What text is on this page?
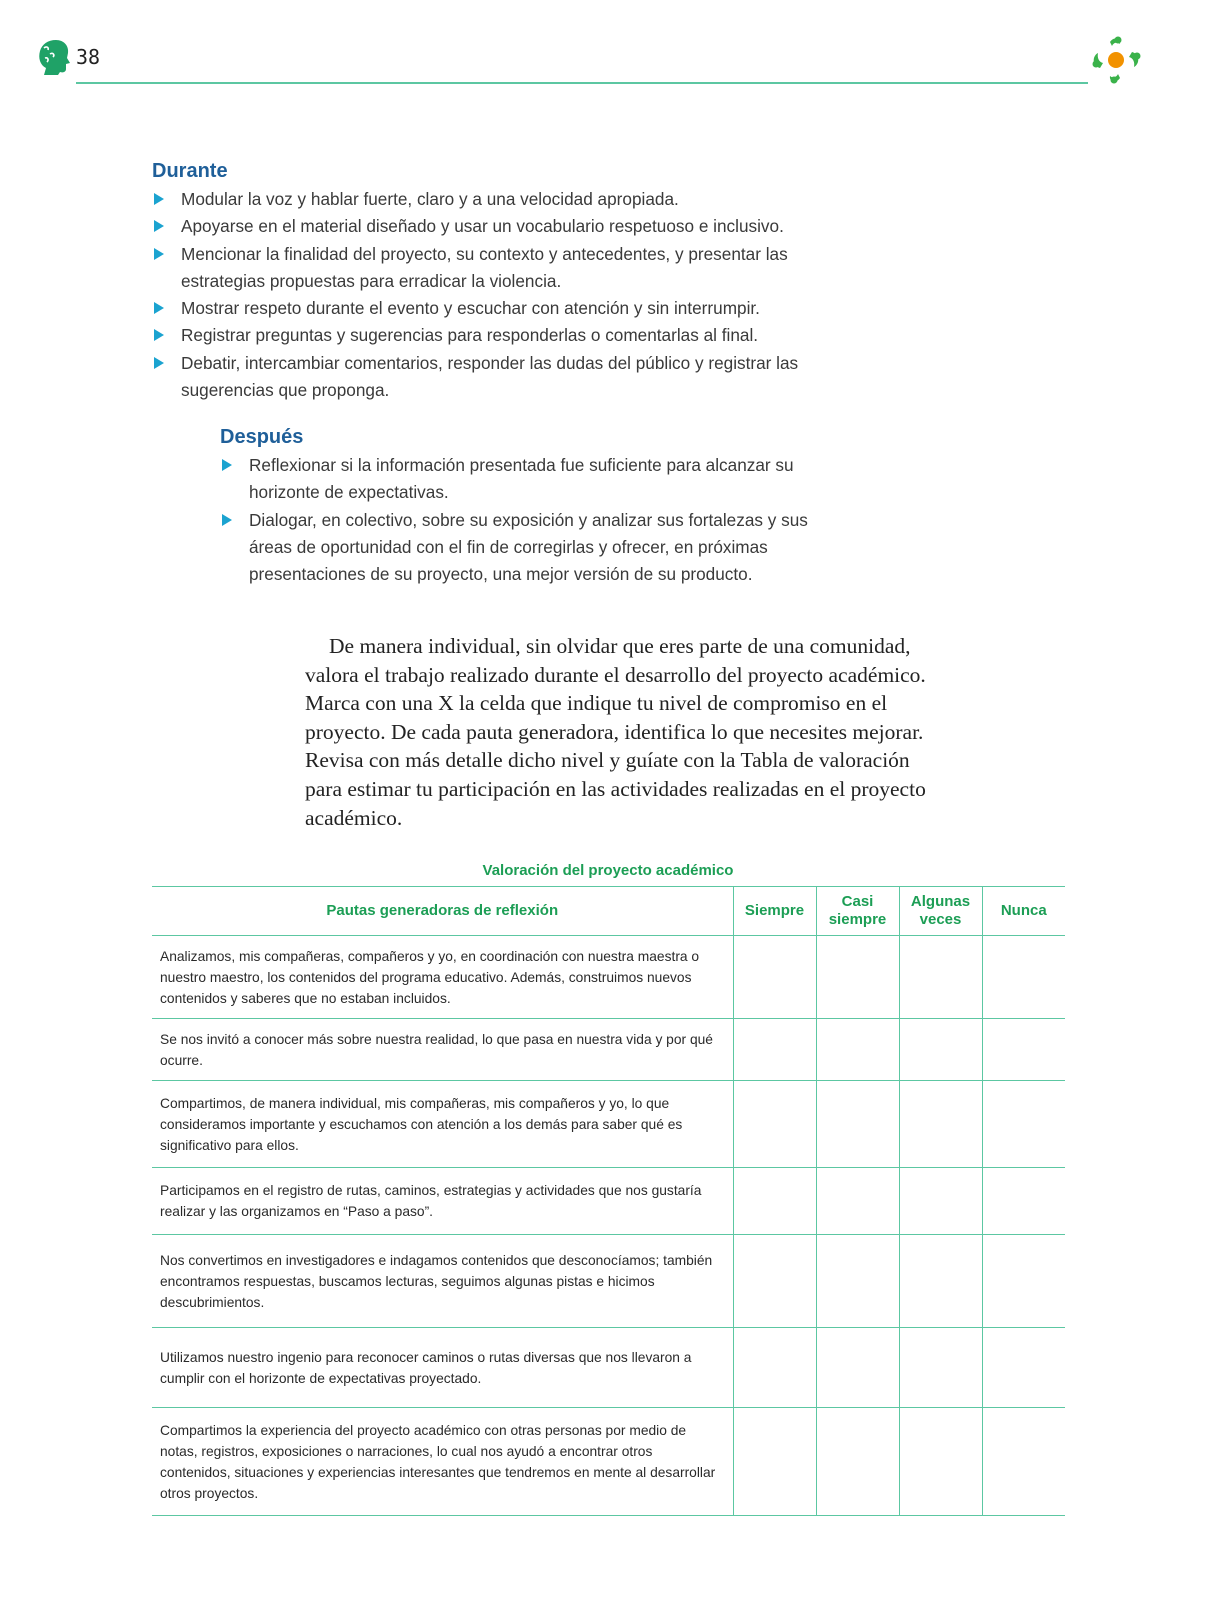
38
Durante
Modular la voz y hablar fuerte, claro y a una velocidad apropiada.
Apoyarse en el material diseñado y usar un vocabulario respetuoso e inclusivo.
Mencionar la finalidad del proyecto, su contexto y antecedentes, y presentar las estrategias propuestas para erradicar la violencia.
Mostrar respeto durante el evento y escuchar con atención y sin interrumpir.
Registrar preguntas y sugerencias para responderlas o comentarlas al final.
Debatir, intercambiar comentarios, responder las dudas del público y registrar las sugerencias que proponga.
Después
Reflexionar si la información presentada fue suficiente para alcanzar su horizonte de expectativas.
Dialogar, en colectivo, sobre su exposición y analizar sus fortalezas y sus áreas de oportunidad con el fin de corregirlas y ofrecer, en próximas presentaciones de su proyecto, una mejor versión de su producto.

De manera individual, sin olvidar que eres parte de una comunidad, valora el trabajo realizado durante el desarrollo del proyecto académico. Marca con una X la celda que indique tu nivel de compromiso en el proyecto. De cada pauta generadora, identifica lo que necesites mejorar. Revisa con más detalle dicho nivel y guíate con la Tabla de valoración para estimar tu participación en las actividades realizadas en el proyecto académico.

Valoración del proyecto académico
Pautas generadoras de reflexión	Siempre	Casi siempre	Algunas veces	Nunca
Analizamos, mis compañeras, compañeros y yo, en coordinación con nuestra maestra o nuestro maestro, los contenidos del programa educativo. Además, construimos nuevos contenidos y saberes que no estaban incluidos.				
Se nos invitó a conocer más sobre nuestra realidad, lo que pasa en nuestra vida y por qué ocurre.				
Compartimos, de manera individual, mis compañeras, mis compañeros y yo, lo que consideramos importante y escuchamos con atención a los demás para saber qué es significativo para ellos.				
Participamos en el registro de rutas, caminos, estrategias y actividades que nos gustaría realizar y las organizamos en “Paso a paso”.				
Nos convertimos en investigadores e indagamos contenidos que desconocíamos; también encontramos respuestas, buscamos lecturas, seguimos algunas pistas e hicimos descubrimientos.				
Utilizamos nuestro ingenio para reconocer caminos o rutas diversas que nos llevaron a cumplir con el horizonte de expectativas proyectado.				
Compartimos la experiencia del proyecto académico con otras personas por medio de notas, registros, exposiciones o narraciones, lo cual nos ayudó a encontrar otros contenidos, situaciones y experiencias interesantes que tendremos en mente al desarrollar otros proyectos.				
